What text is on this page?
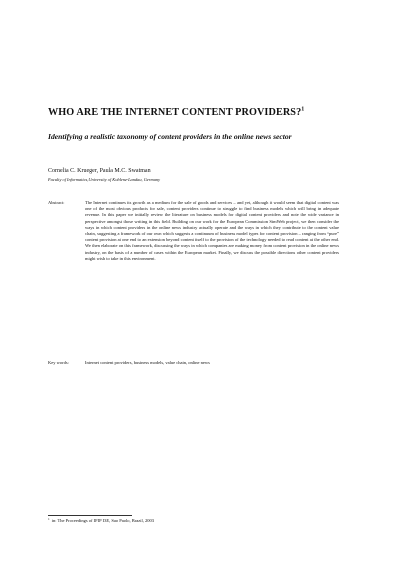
WHO ARE THE INTERNET CONTENT PROVIDERS?$^1$
Identifying a realistic taxonomy of content providers in the online news sector
Cornelia C. Krueger, Paula M.C. Swatman
Faculty of Informatics,University of Koblenz-Landau, Germany
Abstract:	The Internet continues its growth as a medium for the sale of goods and services – and yet, although it would seem that digital content was one of the most obvious products for sale, content providers continue to struggle to find business models which will bring in adequate revenue. In this paper we initially review the literature on business models for digital content providers and note the wide variance in perspective amongst those writing in this field. Building on our work for the European Commission SimWeb project, we then consider the ways in which content providers in the online news industry actually operate and the ways in which they contribute to the content value chain, suggesting a framework of our own which suggests a continuum of business model types for content provision – ranging from “pure” content provision at one end to an extension beyond content itself to the provision of the technology needed to read content at the other end. We then elaborate on this framework, discussing the ways in which companies are making money from content provision in the online news industry, on the basis of a number of cases within the European market. Finally, we discuss the possible directions other content providers might wish to take in this environment.
Key words:	Internet content providers, business models, value chain, online news
$^1$ in: The Proceedings of IFIP I3E, Sao Paolo, Brazil, 2003
